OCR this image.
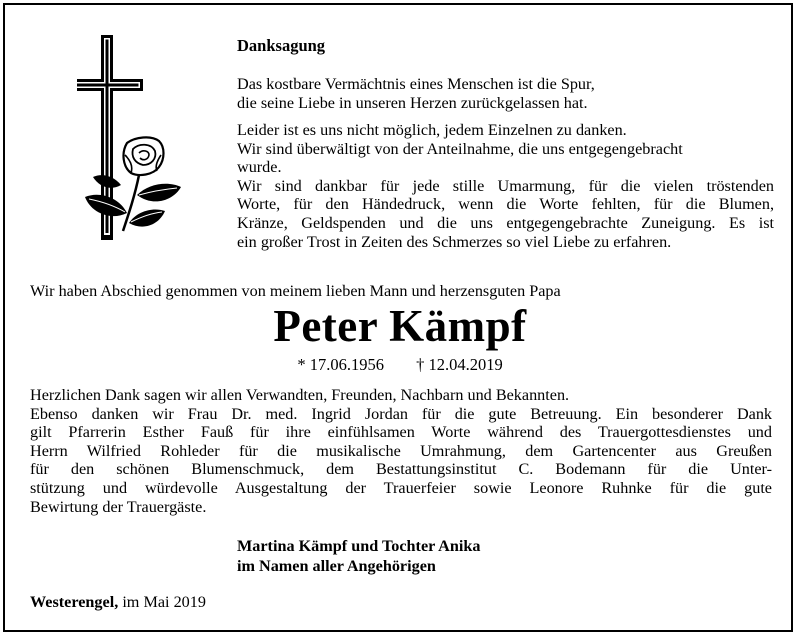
Danksagung
Das kostbare Vermächtnis eines Menschen ist die Spur,
die seine Liebe in unseren Herzen zurückgelassen hat.
Leider ist es uns nicht möglich, jedem Einzelnen zu danken.
Wir sind überwältigt von der Anteilnahme, die uns entgegengebracht
wurde.
Wir sind dankbar für jede stille Umarmung, für die vielen tröstenden
Worte, für den Händedruck, wenn die Worte fehlten, für die Blumen,
Kränze, Geldspenden und die uns entgegengebrachte Zuneigung. Es ist
ein großer Trost in Zeiten des Schmerzes so viel Liebe zu erfahren.
Wir haben Abschied genommen von meinem lieben Mann und herzensguten Papa
Peter Kämpf
* 17.06.1956 † 12.04.2019
Herzlichen Dank sagen wir allen Verwandten, Freunden, Nachbarn und Bekannten.
Ebenso danken wir Frau Dr. med. Ingrid Jordan für die gute Betreuung. Ein besonderer Dank
gilt Pfarrerin Esther Fauß für ihre einfühlsamen Worte während des Trauergottesdienstes und
Herrn Wilfried Rohleder für die musikalische Umrahmung, dem Gartencenter aus Greußen
für den schönen Blumenschmuck, dem Bestattungsinstitut C. Bodemann für die Unter-
stützung und würdevolle Ausgestaltung der Trauerfeier sowie Leonore Ruhnke für die gute
Bewirtung der Trauergäste.
Martina Kämpf und Tochter Anika
im Namen aller Angehörigen
Westerengel, im Mai 2019
